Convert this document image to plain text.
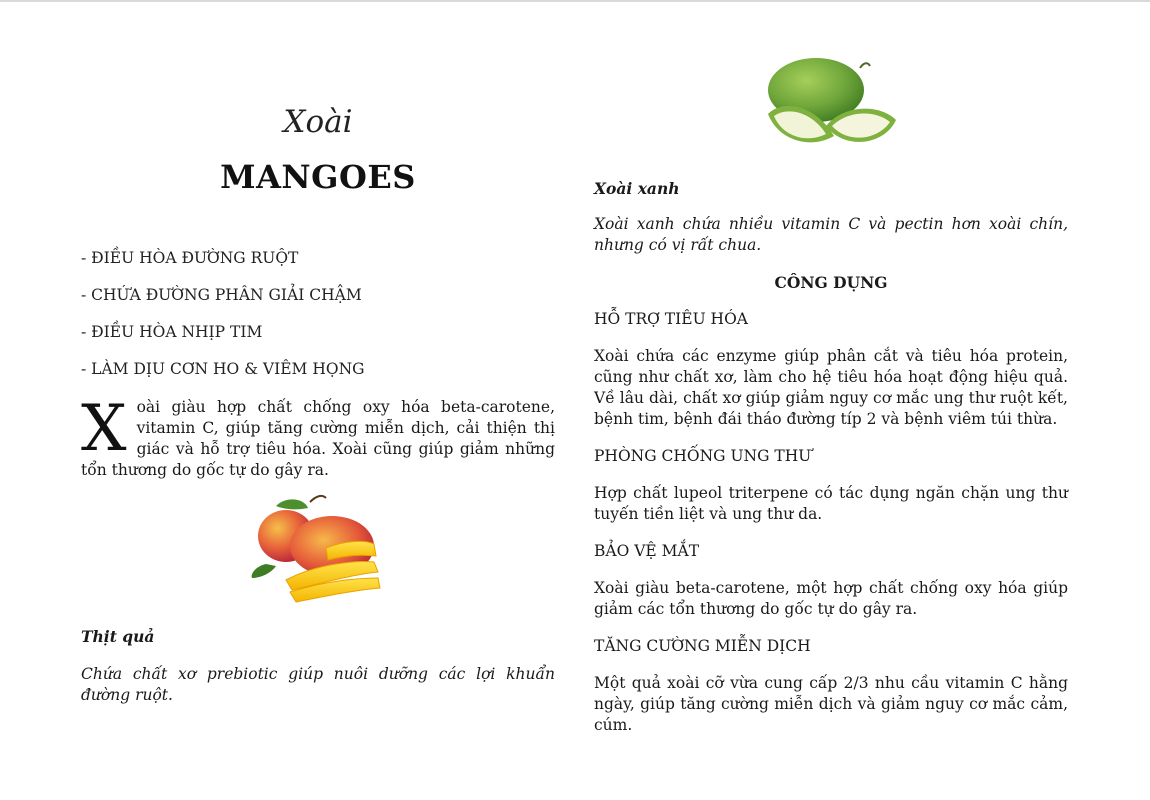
Xoài
MANGOES
- ĐIỀU HÒA ĐƯỜNG RUỘT
- CHỨA ĐƯỜNG PHÂN GIẢI CHẬM
- ĐIỀU HÒA NHỊP TIM
- LÀM DỊU CƠN HO & VIÊM HỌNG
Xoài giàu hợp chất chống oxy hóa beta-carotene, vitamin C, giúp tăng cường miễn dịch, cải thiện thị giác và hỗ trợ tiêu hóa. Xoài cũng giúp giảm những tổn thương do gốc tự do gây ra.
Thịt quả
Chứa chất xơ prebiotic giúp nuôi dưỡng các lợi khuẩn đường ruột.
Xoài xanh
Xoài xanh chứa nhiều vitamin C và pectin hơn xoài chín, nhưng có vị rất chua.
CÔNG DỤNG
HỖ TRỢ TIÊU HÓA
Xoài chứa các enzyme giúp phân cắt và tiêu hóa protein, cũng như chất xơ, làm cho hệ tiêu hóa hoạt động hiệu quả. Về lâu dài, chất xơ giúp giảm nguy cơ mắc ung thư ruột kết, bệnh tim, bệnh đái tháo đường típ 2 và bệnh viêm túi thừa.
PHÒNG CHỐNG UNG THƯ
Hợp chất lupeol triterpene có tác dụng ngăn chặn ung thư tuyến tiền liệt và ung thư da.
BẢO VỆ MẮT
Xoài giàu beta-carotene, một hợp chất chống oxy hóa giúp giảm các tổn thương do gốc tự do gây ra.
TĂNG CƯỜNG MIỄN DỊCH
Một quả xoài cỡ vừa cung cấp 2/3 nhu cầu vitamin C hằng ngày, giúp tăng cường miễn dịch và giảm nguy cơ mắc cảm, cúm.
